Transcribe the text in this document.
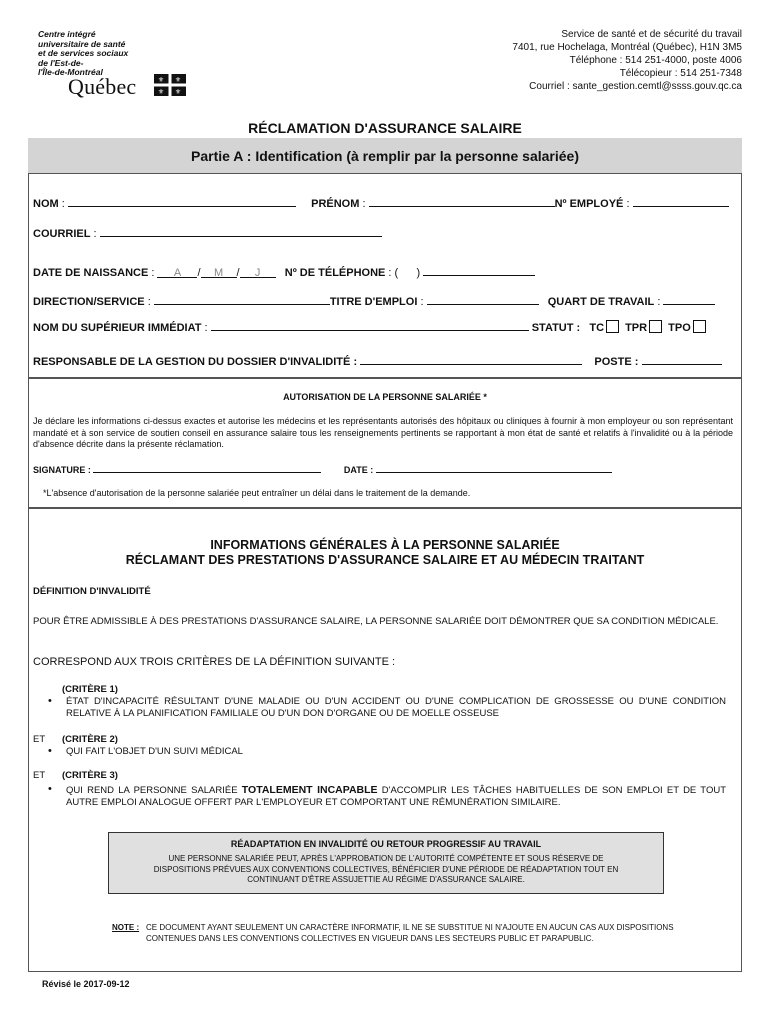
Centre intégré
universitaire de santé
et de services sociaux
de l'Est-de-
l'Île-de-Montréal
Québec	⚜ ⚜
⚜ ⚜
Service de santé et de sécurité du travail
7401, rue Hochelaga, Montréal (Québec), H1N 3M5
Téléphone : 514 251-4000, poste 4006
Télécopieur : 514 251-7348
Courriel : sante_gestion.cemtl@ssss.gouv.qc.ca
RÉCLAMATION D'ASSURANCE SALAIRE
Partie A : Identification (à remplir par la personne salariée)
NOM :	PRÉNOM :	Nº EMPLOYÉ :
COURRIEL :
DATE DE NAISSANCE : A / M / J Nº DE TÉLÉPHONE : (      )
DIRECTION/SERVICE :	TITRE D'EMPLOI :	QUART DE TRAVAIL :
NOM DU SUPÉRIEUR IMMÉDIAT :	STATUT : TC TPR TPO
RESPONSABLE DE LA GESTION DU DOSSIER D'INVALIDITÉ :	POSTE :
AUTORISATION DE LA PERSONNE SALARIÉE *
Je déclare les informations ci-dessus exactes et autorise les médecins et les représentants autorisés des hôpitaux ou cliniques à fournir à mon employeur ou son représentant mandaté et à son service de soutien conseil en assurance salaire tous les renseignements pertinents se rapportant à mon état de santé et relatifs à l'invalidité ou à la période d'absence décrite dans la présente réclamation.
SIGNATURE :	DATE :
*L'absence d'autorisation de la personne salariée peut entraîner un délai dans le traitement de la demande.
INFORMATIONS GÉNÉRALES À LA PERSONNE SALARIÉE
RÉCLAMANT DES PRESTATIONS D'ASSURANCE SALAIRE ET AU MÉDECIN TRAITANT
DÉFINITION D'INVALIDITÉ
POUR ÊTRE ADMISSIBLE À DES PRESTATIONS D'ASSURANCE SALAIRE, LA PERSONNE SALARIÉE DOIT DÉMONTRER QUE SA CONDITION MÉDICALE.
CORRESPOND AUX TROIS CRITÈRES DE LA DÉFINITION SUIVANTE :
(CRITÈRE 1)
• ÉTAT D'INCAPACITÉ RÉSULTANT D'UNE MALADIE OU D'UN ACCIDENT OU D'UNE COMPLICATION DE GROSSESSE OU D'UNE CONDITION RELATIVE À LA PLANIFICATION FAMILIALE OU D'UN DON D'ORGANE OU DE MOELLE OSSEUSE
ET (CRITÈRE 2)
• QUI FAIT L'OBJET D'UN SUIVI MÉDICAL
ET (CRITÈRE 3)
• QUI REND LA PERSONNE SALARIÉE TOTALEMENT INCAPABLE D'ACCOMPLIR LES TÂCHES HABITUELLES DE SON EMPLOI ET DE TOUT AUTRE EMPLOI ANALOGUE OFFERT PAR L'EMPLOYEUR ET COMPORTANT UNE RÉMUNÉRATION SIMILAIRE.
RÉADAPTATION EN INVALIDITÉ OU RETOUR PROGRESSIF AU TRAVAIL
UNE PERSONNE SALARIÉE PEUT, APRÈS L'APPROBATION DE L'AUTORITÉ COMPÉTENTE ET SOUS RÉSERVE DE DISPOSITIONS PRÉVUES AUX CONVENTIONS COLLECTIVES, BÉNÉFICIER D'UNE PÉRIODE DE RÉADAPTATION TOUT EN CONTINUANT D'ÊTRE ASSUJETTIE AU RÉGIME D'ASSURANCE SALAIRE.
NOTE : CE DOCUMENT AYANT SEULEMENT UN CARACTÈRE INFORMATIF, IL NE SE SUBSTITUE NI N'AJOUTE EN AUCUN CAS AUX DISPOSITIONS CONTENUES DANS LES CONVENTIONS COLLECTIVES EN VIGUEUR DANS LES SECTEURS PUBLIC ET PARAPUBLIC.
Révisé le 2017-09-12
